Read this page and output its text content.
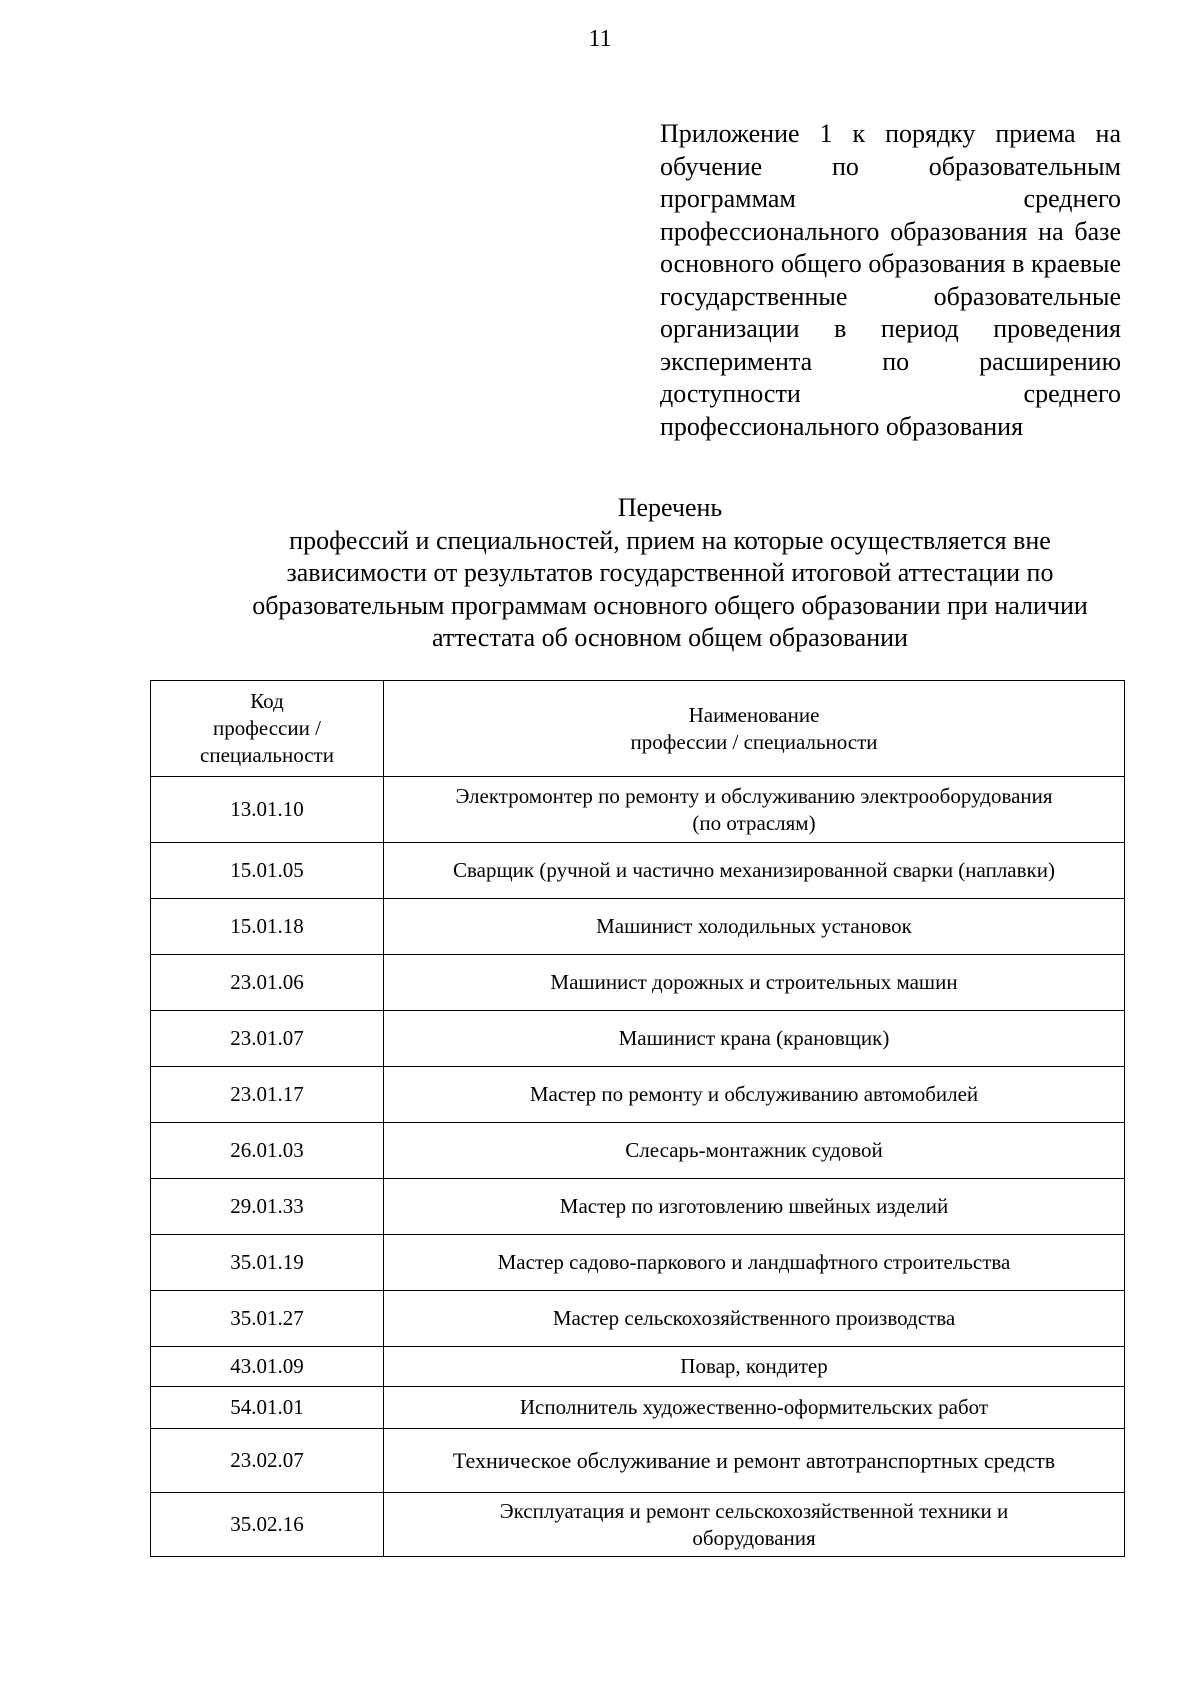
11
Приложение 1 к порядку приема на обучение по образовательным программам среднего профессионального образования на базе основного общего образования в краевые государственные образовательные организации в период проведения эксперимента по расширению доступности среднего профессионального образования
Перечень
профессий и специальностей, прием на которые осуществляется вне
зависимости от результатов государственной итоговой аттестации по
образовательным программам основного общего образовании при наличии
аттестата об основном общем образовании
Код
профессии /
специальности	Наименование
профессии / специальности

13.01.10	Электромонтер по ремонту и обслуживанию электрооборудования
(по отраслям)

15.01.05	Сварщик (ручной и частично механизированной сварки (наплавки)

15.01.18	Машинист холодильных установок

23.01.06	Машинист дорожных и строительных машин

23.01.07	Машинист крана (крановщик)

23.01.17	Мастер по ремонту и обслуживанию автомобилей

26.01.03	Слесарь-монтажник судовой

29.01.33	Мастер по изготовлению швейных изделий

35.01.19	Мастер садово-паркового и ландшафтного строительства

35.01.27	Мастер сельскохозяйственного производства

43.01.09	Повар, кондитер

54.01.01	Исполнитель художественно-оформительских работ

23.02.07	Техническое обслуживание и ремонт автотранспортных средств

35.02.16	Эксплуатация и ремонт сельскохозяйственной техники и
оборудования
